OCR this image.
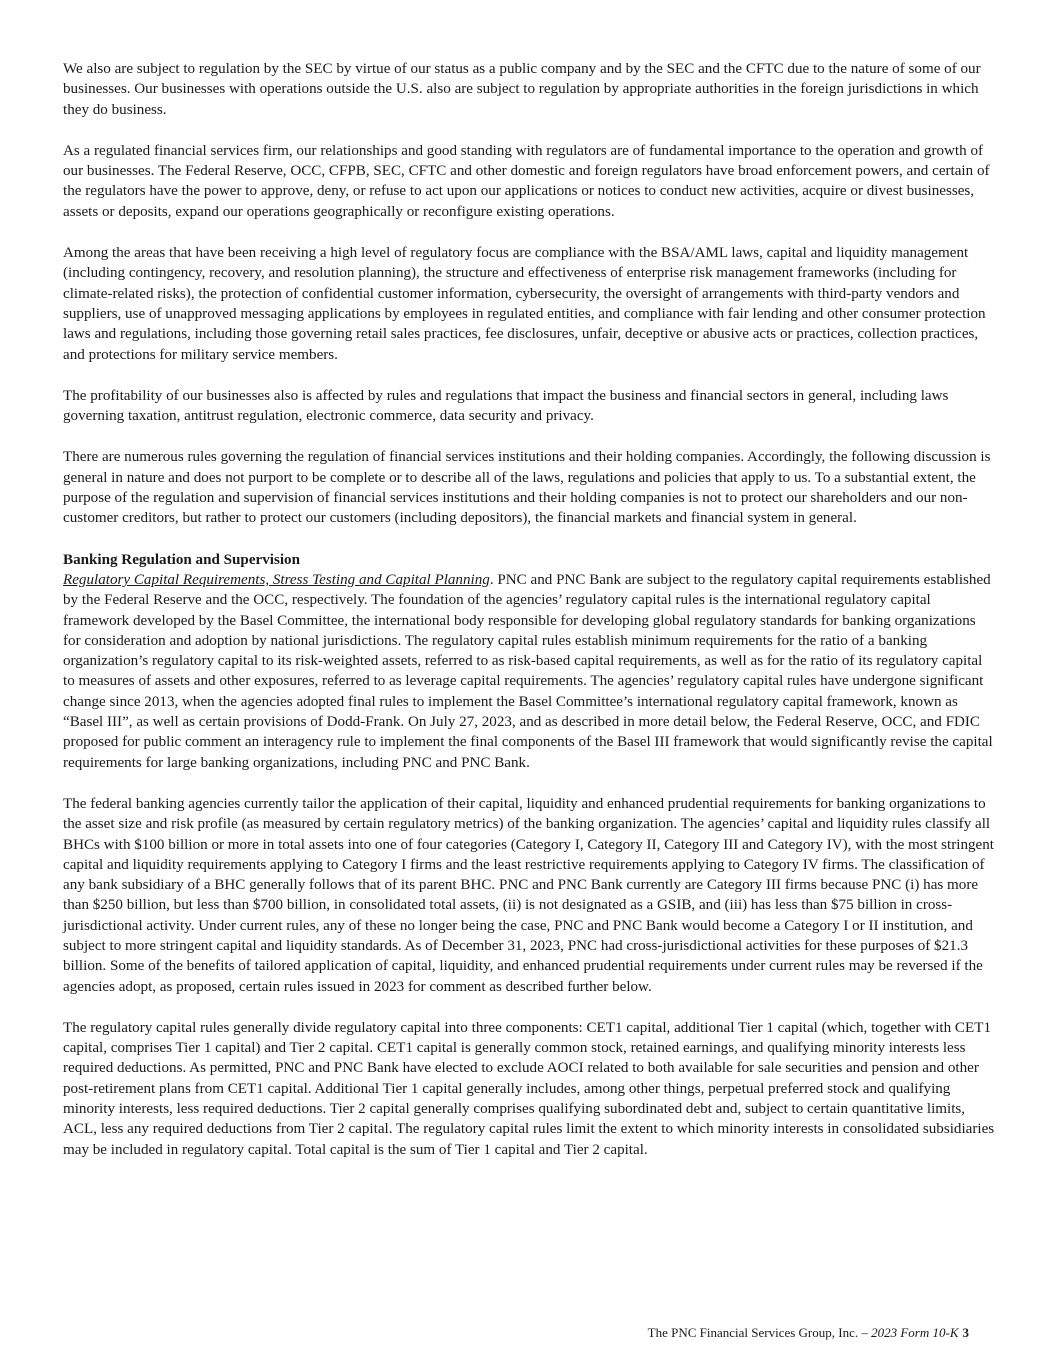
We also are subject to regulation by the SEC by virtue of our status as a public company and by the SEC and the CFTC due to the nature of some of our businesses. Our businesses with operations outside the U.S. also are subject to regulation by appropriate authorities in the foreign jurisdictions in which they do business.

As a regulated financial services firm, our relationships and good standing with regulators are of fundamental importance to the operation and growth of our businesses. The Federal Reserve, OCC, CFPB, SEC, CFTC and other domestic and foreign regulators have broad enforcement powers, and certain of the regulators have the power to approve, deny, or refuse to act upon our applications or notices to conduct new activities, acquire or divest businesses, assets or deposits, expand our operations geographically or reconfigure existing operations.

Among the areas that have been receiving a high level of regulatory focus are compliance with the BSA/AML laws, capital and liquidity management (including contingency, recovery, and resolution planning), the structure and effectiveness of enterprise risk management frameworks (including for climate-related risks), the protection of confidential customer information, cybersecurity, the oversight of arrangements with third-party vendors and suppliers, use of unapproved messaging applications by employees in regulated entities, and compliance with fair lending and other consumer protection laws and regulations, including those governing retail sales practices, fee disclosures, unfair, deceptive or abusive acts or practices, collection practices, and protections for military service members.

The profitability of our businesses also is affected by rules and regulations that impact the business and financial sectors in general, including laws governing taxation, antitrust regulation, electronic commerce, data security and privacy.

There are numerous rules governing the regulation of financial services institutions and their holding companies. Accordingly, the following discussion is general in nature and does not purport to be complete or to describe all of the laws, regulations and policies that apply to us. To a substantial extent, the purpose of the regulation and supervision of financial services institutions and their holding companies is not to protect our shareholders and our non-customer creditors, but rather to protect our customers (including depositors), the financial markets and financial system in general.

Banking Regulation and Supervision

Regulatory Capital Requirements, Stress Testing and Capital Planning. PNC and PNC Bank are subject to the regulatory capital requirements established by the Federal Reserve and the OCC, respectively. The foundation of the agencies’ regulatory capital rules is the international regulatory capital framework developed by the Basel Committee, the international body responsible for developing global regulatory standards for banking organizations for consideration and adoption by national jurisdictions. The regulatory capital rules establish minimum requirements for the ratio of a banking organization’s regulatory capital to its risk-weighted assets, referred to as risk-based capital requirements, as well as for the ratio of its regulatory capital to measures of assets and other exposures, referred to as leverage capital requirements. The agencies’ regulatory capital rules have undergone significant change since 2013, when the agencies adopted final rules to implement the Basel Committee’s international regulatory capital framework, known as “Basel III”, as well as certain provisions of Dodd-Frank. On July 27, 2023, and as described in more detail below, the Federal Reserve, OCC, and FDIC proposed for public comment an interagency rule to implement the final components of the Basel III framework that would significantly revise the capital requirements for large banking organizations, including PNC and PNC Bank.

The federal banking agencies currently tailor the application of their capital, liquidity and enhanced prudential requirements for banking organizations to the asset size and risk profile (as measured by certain regulatory metrics) of the banking organization. The agencies’ capital and liquidity rules classify all BHCs with $100 billion or more in total assets into one of four categories (Category I, Category II, Category III and Category IV), with the most stringent capital and liquidity requirements applying to Category I firms and the least restrictive requirements applying to Category IV firms. The classification of any bank subsidiary of a BHC generally follows that of its parent BHC. PNC and PNC Bank currently are Category III firms because PNC (i) has more than $250 billion, but less than $700 billion, in consolidated total assets, (ii) is not designated as a GSIB, and (iii) has less than $75 billion in cross-jurisdictional activity. Under current rules, any of these no longer being the case, PNC and PNC Bank would become a Category I or II institution, and subject to more stringent capital and liquidity standards. As of December 31, 2023, PNC had cross-jurisdictional activities for these purposes of $21.3 billion. Some of the benefits of tailored application of capital, liquidity, and enhanced prudential requirements under current rules may be reversed if the agencies adopt, as proposed, certain rules issued in 2023 for comment as described further below.

The regulatory capital rules generally divide regulatory capital into three components: CET1 capital, additional Tier 1 capital (which, together with CET1 capital, comprises Tier 1 capital) and Tier 2 capital. CET1 capital is generally common stock, retained earnings, and qualifying minority interests less required deductions. As permitted, PNC and PNC Bank have elected to exclude AOCI related to both available for sale securities and pension and other post-retirement plans from CET1 capital. Additional Tier 1 capital generally includes, among other things, perpetual preferred stock and qualifying minority interests, less required deductions. Tier 2 capital generally comprises qualifying subordinated debt and, subject to certain quantitative limits, ACL, less any required deductions from Tier 2 capital. The regulatory capital rules limit the extent to which minority interests in consolidated subsidiaries may be included in regulatory capital. Total capital is the sum of Tier 1 capital and Tier 2 capital.

The PNC Financial Services Group, Inc. – 2023 Form 10-K 3
